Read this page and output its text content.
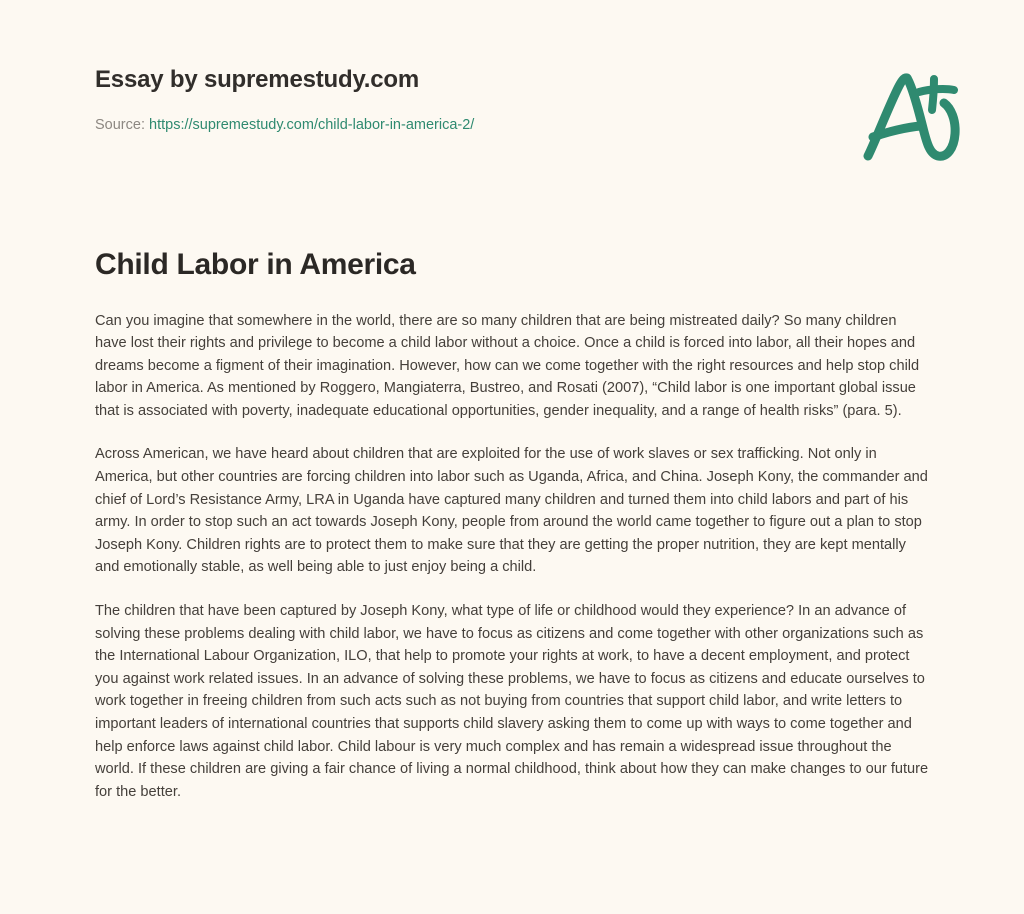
Essay by supremestudy.com
Source: https://supremestudy.com/child-labor-in-america-2/
Child Labor in America

Can you imagine that somewhere in the world, there are so many children that are being mistreated daily? So many children have lost their rights and privilege to become a child labor without a choice. Once a child is forced into labor, all their hopes and dreams become a figment of their imagination. However, how can we come together with the right resources and help stop child labor in America. As mentioned by Roggero, Mangiaterra, Bustreo, and Rosati (2007), “Child labor is one important global issue that is associated with poverty, inadequate educational opportunities, gender inequality, and a range of health risks” (para. 5).

Across American, we have heard about children that are exploited for the use of work slaves or sex trafficking. Not only in America, but other countries are forcing children into labor such as Uganda, Africa, and China. Joseph Kony, the commander and chief of Lord’s Resistance Army, LRA in Uganda have captured many children and turned them into child labors and part of his army. In order to stop such an act towards Joseph Kony, people from around the world came together to figure out a plan to stop Joseph Kony. Children rights are to protect them to make sure that they are getting the proper nutrition, they are kept mentally and emotionally stable, as well being able to just enjoy being a child.

The children that have been captured by Joseph Kony, what type of life or childhood would they experience? In an advance of solving these problems dealing with child labor, we have to focus as citizens and come together with other organizations such as the International Labour Organization, ILO, that help to promote your rights at work, to have a decent employment, and protect you against work related issues. In an advance of solving these problems, we have to focus as citizens and educate ourselves to work together in freeing children from such acts such as not buying from countries that support child labor, and write letters to important leaders of international countries that supports child slavery asking them to come up with ways to come together and help enforce laws against child labor. Child labour is very much complex and has remain a widespread issue throughout the world. If these children are giving a fair chance of living a normal childhood, think about how they can make changes to our future for the better.
